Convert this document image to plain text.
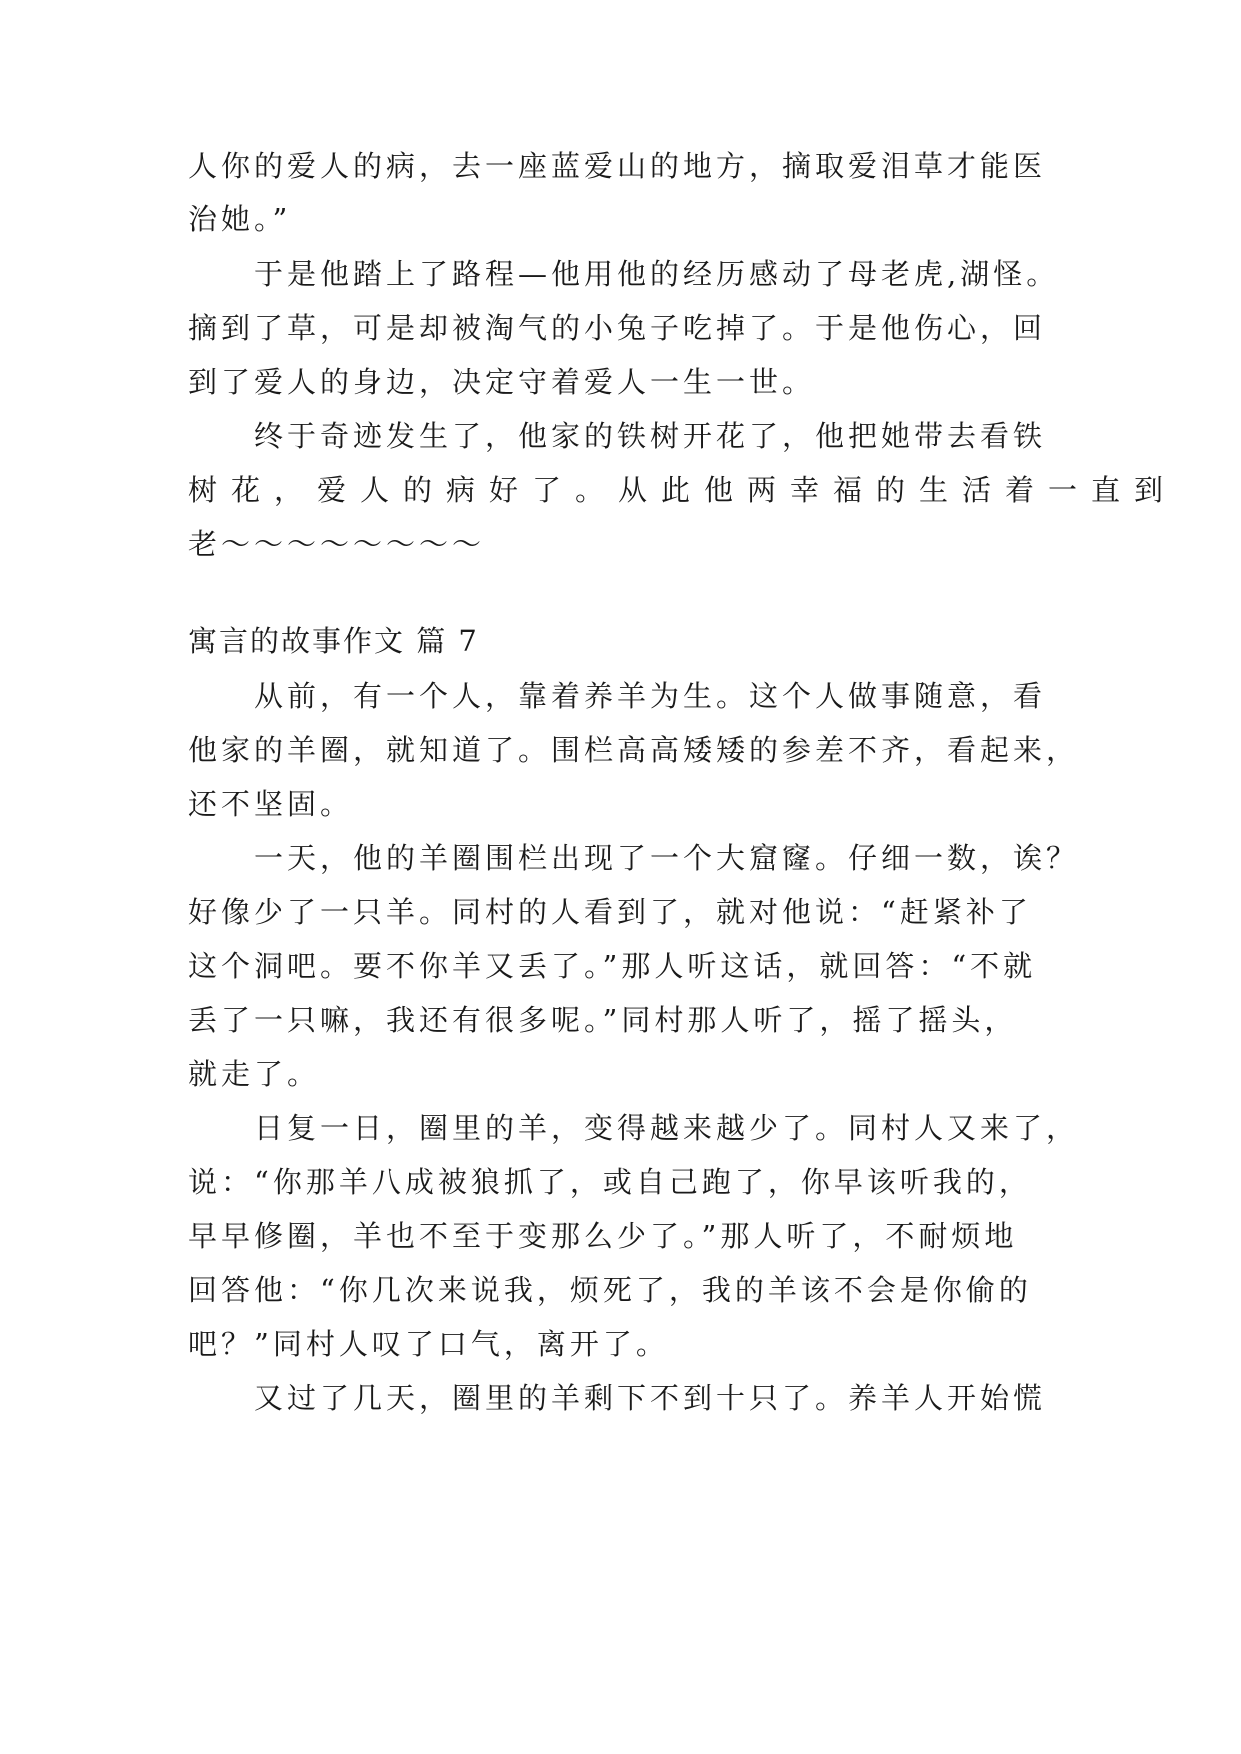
人你的爱人的病，去一座蓝爱山的地方，摘取爱泪草才能医
治她。”
于是他踏上了路程—他用他的经历感动了母老虎,湖怪。
摘到了草，可是却被淘气的小兔子吃掉了。于是他伤心，回
到了爱人的身边，决定守着爱人一生一世。
终于奇迹发生了，他家的铁树开花了，他把她带去看铁
树花，爱人的病好了。从此他两幸福的生活着一直到
老～～～～～～～～
寓言的故事作文 篇 7
从前，有一个人，靠着养羊为生。这个人做事随意，看
他家的羊圈，就知道了。围栏高高矮矮的参差不齐，看起来，
还不坚固。
一天，他的羊圈围栏出现了一个大窟窿。仔细一数，诶？
好像少了一只羊。同村的人看到了，就对他说：“赶紧补了
这个洞吧。要不你羊又丢了。”那人听这话，就回答：“不就
丢了一只嘛，我还有很多呢。”同村那人听了，摇了摇头，
就走了。
日复一日，圈里的羊，变得越来越少了。同村人又来了，
说：“你那羊八成被狼抓了，或自己跑了，你早该听我的，
早早修圈，羊也不至于变那么少了。”那人听了，不耐烦地
回答他：“你几次来说我，烦死了，我的羊该不会是你偷的
吧？”同村人叹了口气，离开了。
又过了几天，圈里的羊剩下不到十只了。养羊人开始慌
